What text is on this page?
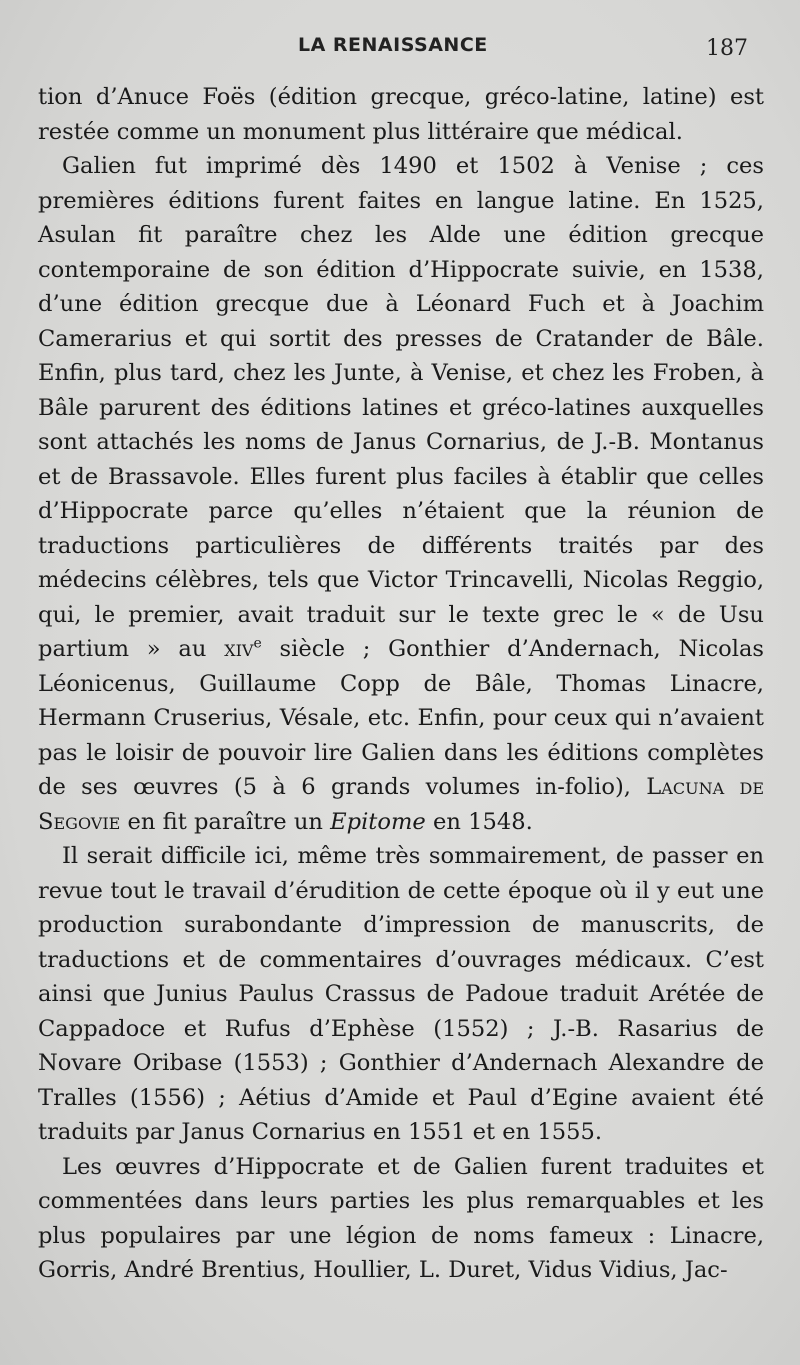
LA RENAISSANCE	187

tion d’Anuce Foës (édition grecque, gréco-latine, latine) est restée comme un monument plus littéraire que médical.

Galien fut imprimé dès 1490 et 1502 à Venise ; ces premières éditions furent faites en langue latine. En 1525, Asulan fit paraître chez les Alde une édition grecque contemporaine de son édition d’Hippocrate suivie, en 1538, d’une édition grecque due à Léonard Fuch et à Joachim Camerarius et qui sortit des presses de Cratander de Bâle. Enfin, plus tard, chez les Junte, à Venise, et chez les Froben, à Bâle parurent des éditions latines et gréco-latines auxquelles sont attachés les noms de Janus Cornarius, de J.-B. Montanus et de Brassavole. Elles furent plus faciles à établir que celles d’Hippocrate parce qu’elles n’étaient que la réunion de traductions particulières de différents traités par des médecins célèbres, tels que Victor Trincavelli, Nicolas Reggio, qui, le premier, avait traduit sur le texte grec le « de Usu partium » au xiv$^e$ siècle ; Gonthier d’Andernach, Nicolas Léonicenus, Guillaume Copp de Bâle, Thomas Linacre, Hermann Cruserius, Vésale, etc. Enfin, pour ceux qui n’avaient pas le loisir de pouvoir lire Galien dans les éditions complètes de ses œuvres (5 à 6 grands volumes in-folio), Lacuna de Segovie en fit paraître un Epitome en 1548.

Il serait difficile ici, même très sommairement, de passer en revue tout le travail d’érudition de cette époque où il y eut une production surabondante d’impression de manuscrits, de traductions et de commentaires d’ouvrages médicaux. C’est ainsi que Junius Paulus Crassus de Padoue traduit Arétée de Cappadoce et Rufus d’Ephèse (1552) ; J.-B. Rasarius de Novare Oribase (1553) ; Gonthier d’Andernach Alexandre de Tralles (1556) ; Aétius d’Amide et Paul d’Egine avaient été traduits par Janus Cornarius en 1551 et en 1555.

Les œuvres d’Hippocrate et de Galien furent traduites et commentées dans leurs parties les plus remarquables et les plus populaires par une légion de noms fameux : Linacre, Gorris, André Brentius, Houllier, L. Duret, Vidus Vidius, Jac-
